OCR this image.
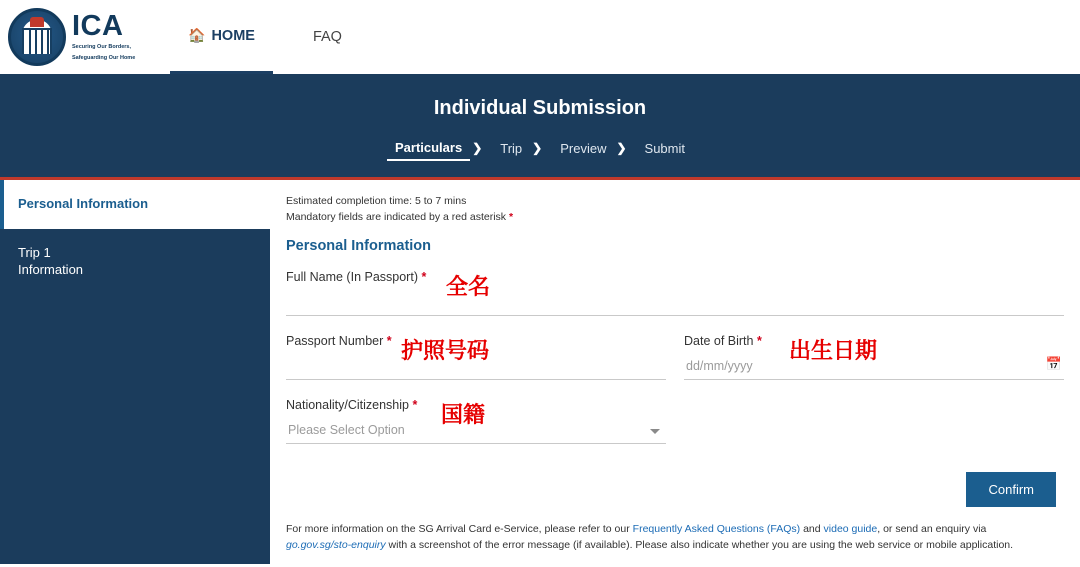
ICA
Securing Our Borders,
Safeguarding Our Home
🏠 HOME	FAQ
Individual Submission
Particulars ❯	Trip ❯	Preview ❯	Submit
Personal Information
Trip 1
Information
Estimated completion time: 5 to 7 mins
Mandatory fields are indicated by a red asterisk *
Personal Information
Full Name (In Passport) * 全名
Passport Number * 护照号码	Date of Birth *
dd/mm/yyyy
📅
出生日期
Nationality/Citizenship *
Please Select Option	国籍
Confirm
For more information on the SG Arrival Card e-Service, please refer to our Frequently Asked Questions (FAQs) and video guide, or send an enquiry via go.gov.sg/sto-enquiry with a screenshot of the error message (if available). Please also indicate whether you are using the web service or mobile application.
